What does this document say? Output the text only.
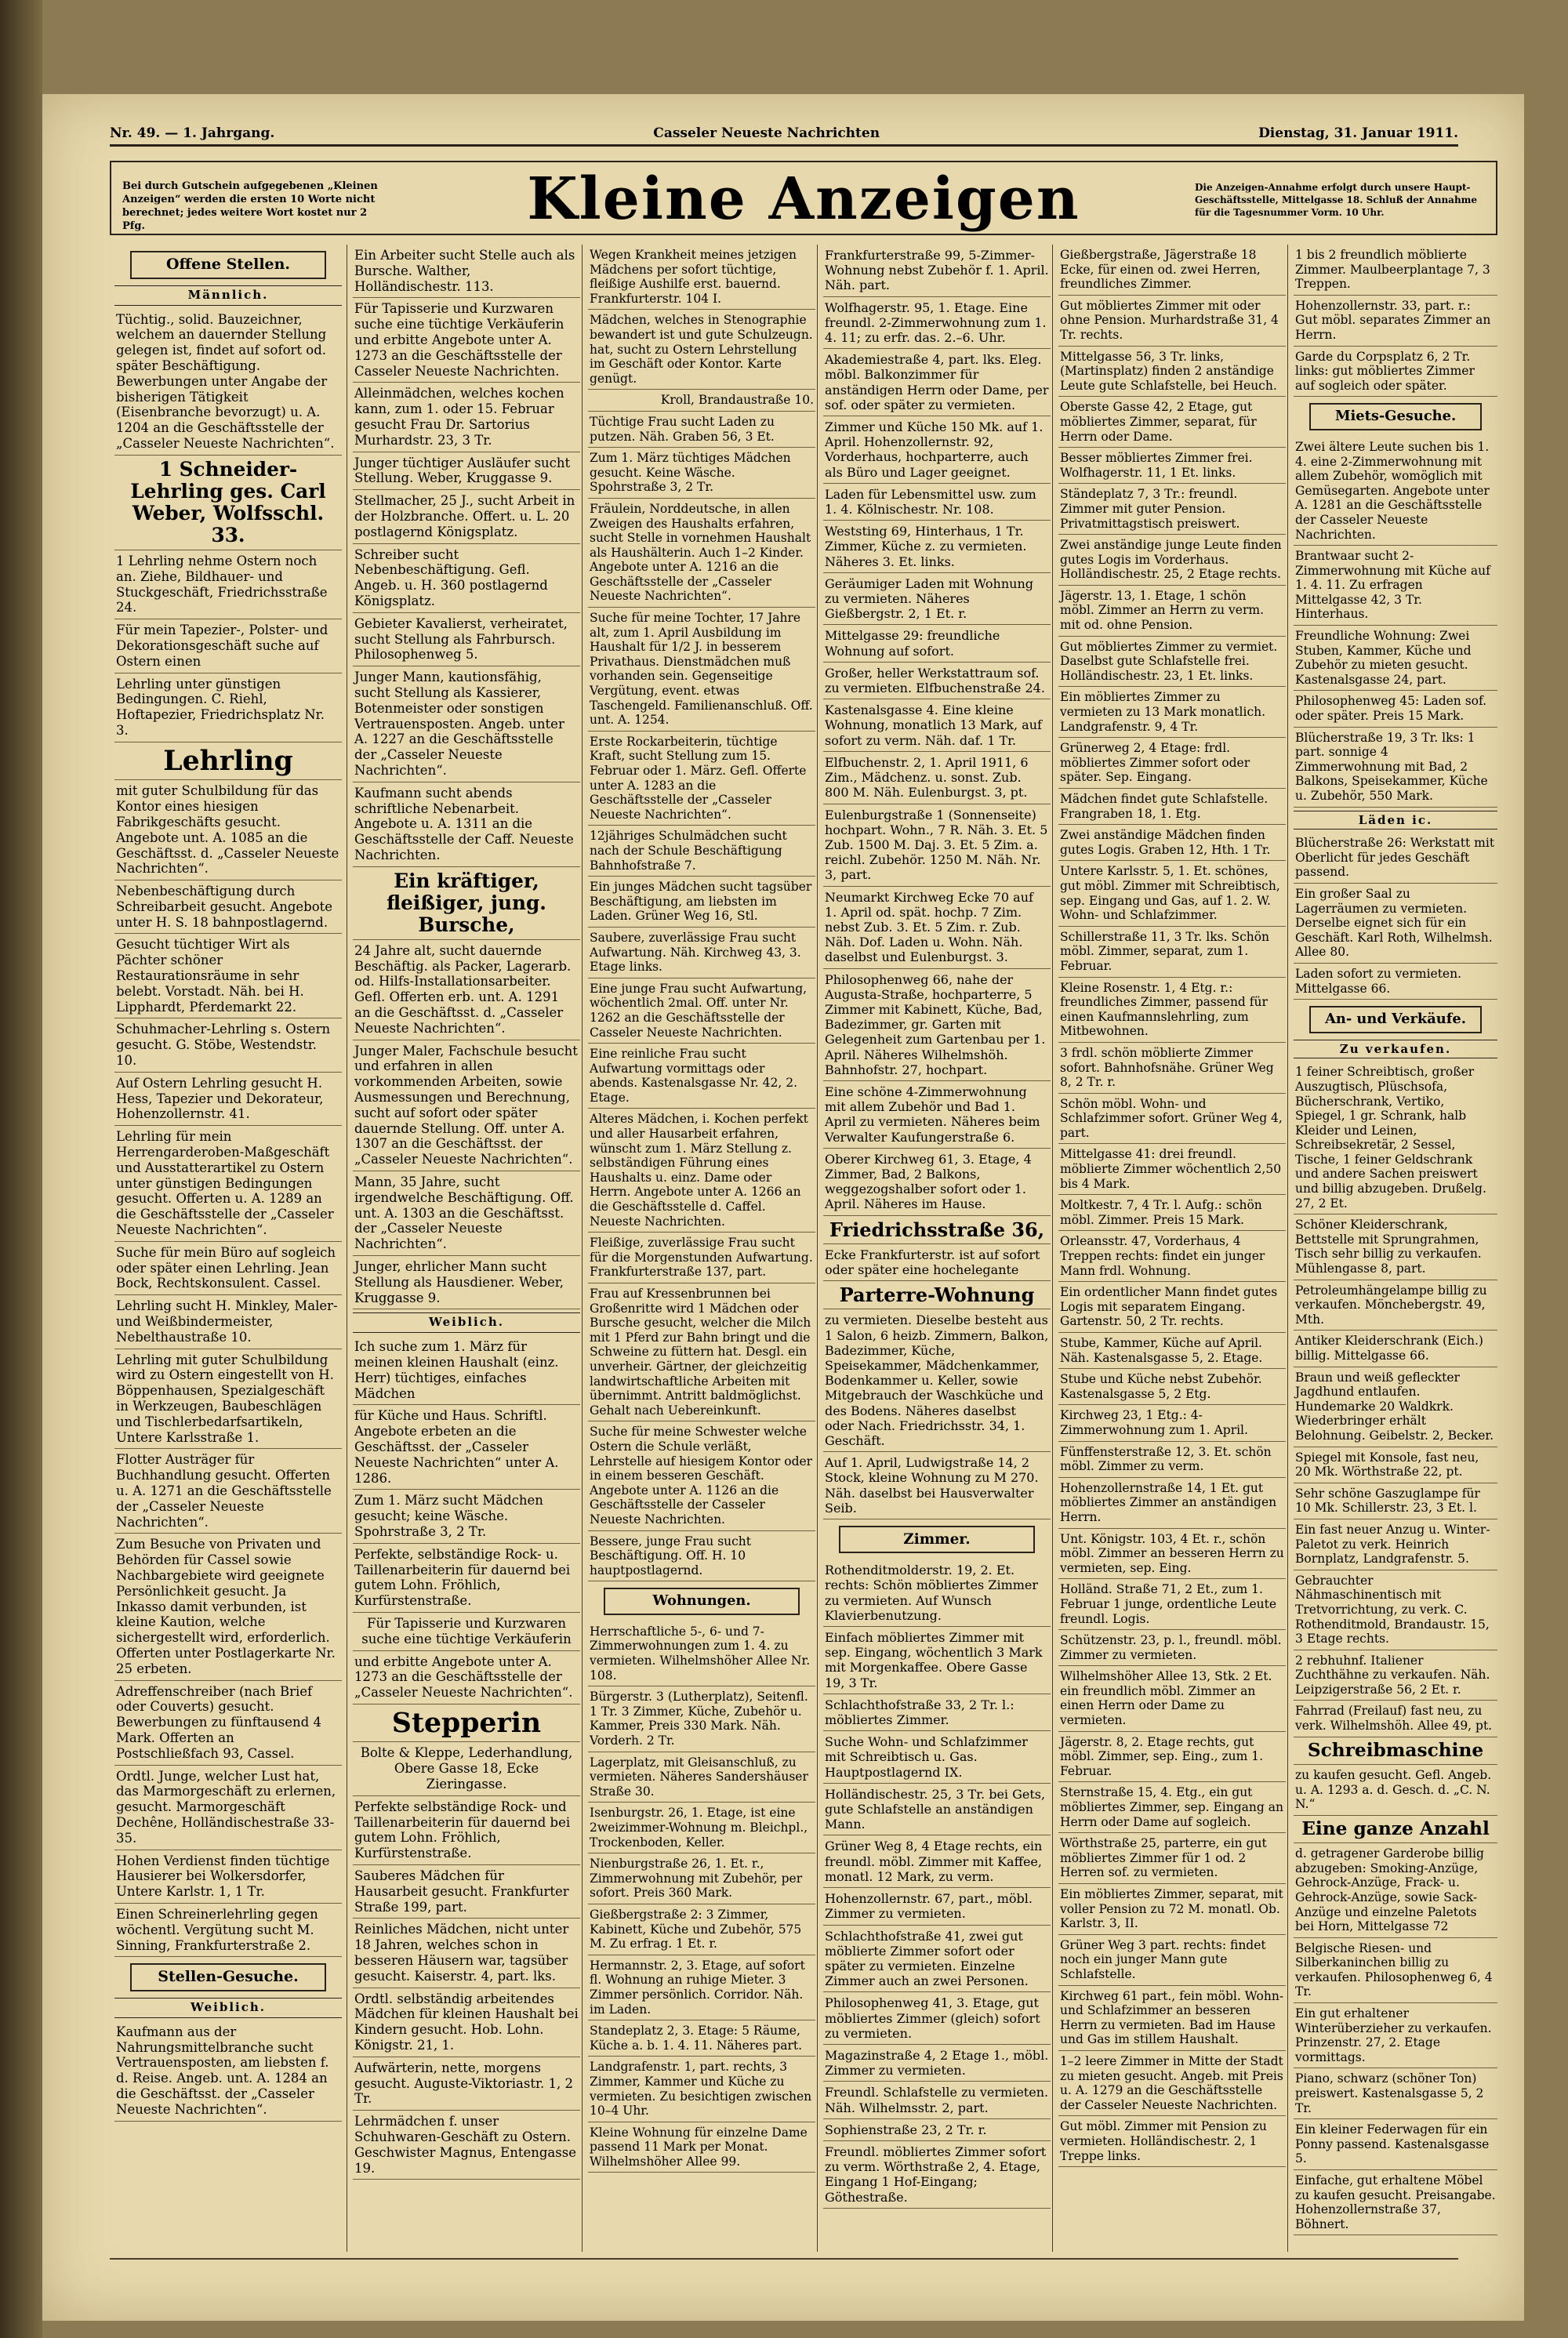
Nr. 49. — 1. Jahrgang.	Casseler Neueste Nachrichten	Dienstag, 31. Januar 1911.
Bei durch Gutschein aufgegebenen „Kleinen Anzeigen“ werden die ersten 10 Worte nicht berechnet; jedes weitere Wort kostet nur 2 Pfg.	Kleine Anzeigen	Die Anzeigen-Annahme erfolgt durch unsere Haupt-Geschäftsstelle, Mittelgasse 18. Schluß der Annahme für die Tagesnummer Vorm. 10 Uhr.
Offene Stellen.
Männlich.
Tüchtig., solid. Bauzeichner, welchem an dauernder Stellung gelegen ist, findet auf sofort od. später Beschäftigung. Bewerbungen unter Angabe der bisherigen Tätigkeit (Eisenbranche bevorzugt) u. A. 1204 an die Geschäftsstelle der „Casseler Neueste Nachrichten“.
1 Schneider-Lehrling ges. Carl Weber, Wolfsschl. 33.
1 Lehrling nehme Ostern noch an. Ziehe, Bildhauer- und Stuckgeschäft, Friedrichsstraße 24.
Für mein Tapezier-, Polster- und Dekorationsgeschäft suche auf Ostern einen
Lehrling unter günstigen Bedingungen. C. Riehl, Hoftapezier, Friedrichsplatz Nr. 3.
Lehrling
mit guter Schulbildung für das Kontor eines hiesigen Fabrikgeschäfts gesucht. Angebote unt. A. 1085 an die Geschäftsst. d. „Casseler Neueste Nachrichten“.
Nebenbeschäftigung durch Schreibarbeit gesucht. Angebote unter H. S. 18 bahnpostlagernd.
Gesucht tüchtiger Wirt als Pächter schöner Restaurationsräume in sehr belebt. Vorstadt. Näh. bei H. Lipphardt, Pferdemarkt 22.
Schuhmacher-Lehrling s. Ostern gesucht. G. Stöbe, Westendstr. 10.
Auf Ostern Lehrling gesucht H. Hess, Tapezier und Dekorateur, Hohenzollernstr. 41.
Lehrling für mein Herrengarderoben-Maßgeschäft und Ausstatterartikel zu Ostern unter günstigen Bedingungen gesucht. Offerten u. A. 1289 an die Geschäftsstelle der „Casseler Neueste Nachrichten“.
Suche für mein Büro auf sogleich oder später einen Lehrling. Jean Bock, Rechtskonsulent. Cassel.
Lehrling sucht H. Minkley, Maler- und Weißbindermeister, Nebelthaustraße 10.
Lehrling mit guter Schulbildung wird zu Ostern eingestellt von H. Böppenhausen, Spezialgeschäft in Werkzeugen, Baubeschlägen und Tischlerbedarfsartikeln, Untere Karlsstraße 1.
Flotter Austräger für Buchhandlung gesucht. Offerten u. A. 1271 an die Geschäftsstelle der „Casseler Neueste Nachrichten“.
Zum Besuche von Privaten und Behörden für Cassel sowie Nachbargebiete wird geeignete Persönlichkeit gesucht. Ja Inkasso damit verbunden, ist kleine Kaution, welche sichergestellt wird, erforderlich. Offerten unter Postlagerkarte Nr. 25 erbeten.
Adreffenschreiber (nach Brief oder Couverts) gesucht. Bewerbungen zu fünftausend 4 Mark. Offerten an Postschließfach 93, Cassel.
Ordtl. Junge, welcher Lust hat, das Marmorgeschäft zu erlernen, gesucht. Marmorgeschäft Dechêne, Holländischestraße 33-35.
Hohen Verdienst finden tüchtige Hausierer bei Wolkersdorfer, Untere Karlstr. 1, 1 Tr.
Einen Schreinerlehrling gegen wöchentl. Vergütung sucht M. Sinning, Frankfurterstraße 2.
Stellen-Gesuche.
Weiblich.
Kaufmann aus der Nahrungsmittelbranche sucht Vertrauensposten, am liebsten f. d. Reise. Angeb. unt. A. 1284 an die Geschäftsst. der „Casseler Neueste Nachrichten“.
Ein Arbeiter sucht Stelle auch als Bursche. Walther, Holländischestr. 113.
Für Tapisserie und Kurzwaren suche eine tüchtige Verkäuferin und erbitte Angebote unter A. 1273 an die Geschäftsstelle der Casseler Neueste Nachrichten.
Alleinmädchen, welches kochen kann, zum 1. oder 15. Februar gesucht Frau Dr. Sartorius Murhardstr. 23, 3 Tr.
Junger tüchtiger Ausläufer sucht Stellung. Weber, Kruggasse 9.
Stellmacher, 25 J., sucht Arbeit in der Holzbranche. Offert. u. L. 20 postlagernd Königsplatz.
Schreiber sucht Nebenbeschäftigung. Gefl. Angeb. u. H. 360 postlagernd Königsplatz.
Gebieter Kavalierst, verheiratet, sucht Stellung als Fahrbursch. Philosophenweg 5.
Junger Mann, kautionsfähig, sucht Stellung als Kassierer, Botenmeister oder sonstigen Vertrauensposten. Angeb. unter A. 1227 an die Geschäftsstelle der „Casseler Neueste Nachrichten“.
Kaufmann sucht abends schriftliche Nebenarbeit. Angebote u. A. 1311 an die Geschäftsstelle der Caff. Neueste Nachrichten.
Ein kräftiger, fleißiger, jung. Bursche,
24 Jahre alt, sucht dauernde Beschäftig. als Packer, Lagerarb. od. Hilfs-Installationsarbeiter. Gefl. Offerten erb. unt. A. 1291 an die Geschäftsst. d. „Casseler Neueste Nachrichten“.
Junger Maler, Fachschule besucht und erfahren in allen vorkommenden Arbeiten, sowie Ausmessungen und Berechnung, sucht auf sofort oder später dauernde Stellung. Off. unter A. 1307 an die Geschäftsst. der „Casseler Neueste Nachrichten“.
Mann, 35 Jahre, sucht irgendwelche Beschäftigung. Off. unt. A. 1303 an die Geschäftsst. der „Casseler Neueste Nachrichten“.
Junger, ehrlicher Mann sucht Stellung als Hausdiener. Weber, Kruggasse 9.
Weiblich.
Ich suche zum 1. März für meinen kleinen Haushalt (einz. Herr) tüchtiges, einfaches Mädchen
für Küche und Haus. Schriftl. Angebote erbeten an die Geschäftsst. der „Casseler Neueste Nachrichten“ unter A. 1286.
Zum 1. März sucht Mädchen gesucht; keine Wäsche. Spohrstraße 3, 2 Tr.
Perfekte, selbständige Rock- u. Taillenarbeiterin für dauernd bei gutem Lohn. Fröhlich, Kurfürstenstraße.
Für Tapisserie und Kurzwaren suche eine tüchtige Verkäuferin
und erbitte Angebote unter A. 1273 an die Geschäftsstelle der „Casseler Neueste Nachrichten“.
Stepperin
Bolte & Kleppe, Lederhandlung, Obere Gasse 18, Ecke Zieringasse.
Perfekte selbständige Rock- und Taillenarbeiterin für dauernd bei gutem Lohn. Fröhlich, Kurfürstenstraße.
Sauberes Mädchen für Hausarbeit gesucht. Frankfurter Straße 199, part.
Reinliches Mädchen, nicht unter 18 Jahren, welches schon in besseren Häusern war, tagsüber gesucht. Kaiserstr. 4, part. lks.
Ordtl. selbständig arbeitendes Mädchen für kleinen Haushalt bei Kindern gesucht. Hob. Lohn. Königstr. 21, 1.
Aufwärterin, nette, morgens gesucht. Auguste-Viktoriastr. 1, 2 Tr.
Lehrmädchen f. unser Schuhwaren-Geschäft zu Ostern. Geschwister Magnus, Entengasse 19.
Wegen Krankheit meines jetzigen Mädchens per sofort tüchtige, fleißige Aushilfe erst. bauernd. Frankfurterstr. 104 I.
Mädchen, welches in Stenographie bewandert ist und gute Schulzeugn. hat, sucht zu Ostern Lehrstellung im Geschäft oder Kontor. Karte genügt.
Kroll, Brandaustraße 10.
Tüchtige Frau sucht Laden zu putzen. Näh. Graben 56, 3 Et.
Zum 1. März tüchtiges Mädchen gesucht. Keine Wäsche. Spohrstraße 3, 2 Tr.
Fräulein, Norddeutsche, in allen Zweigen des Haushalts erfahren, sucht Stelle in vornehmen Haushalt als Haushälterin. Auch 1–2 Kinder. Angebote unter A. 1216 an die Geschäftsstelle der „Casseler Neueste Nachrichten“.
Suche für meine Tochter, 17 Jahre alt, zum 1. April Ausbildung im Haushalt für 1/2 J. in besserem Privathaus. Dienstmädchen muß vorhanden sein. Gegenseitige Vergütung, event. etwas Taschengeld. Familienanschluß. Off. unt. A. 1254.
Erste Rockarbeiterin, tüchtige Kraft, sucht Stellung zum 15. Februar oder 1. März. Gefl. Offerte unter A. 1283 an die Geschäftsstelle der „Casseler Neueste Nachrichten“.
12jähriges Schulmädchen sucht nach der Schule Beschäftigung Bahnhofstraße 7.
Ein junges Mädchen sucht tagsüber Beschäftigung, am liebsten im Laden. Grüner Weg 16, Stl.
Saubere, zuverlässige Frau sucht Aufwartung. Näh. Kirchweg 43, 3. Etage links.
Eine junge Frau sucht Aufwartung, wöchentlich 2mal. Off. unter Nr. 1262 an die Geschäftsstelle der Casseler Neueste Nachrichten.
Eine reinliche Frau sucht Aufwartung vormittags oder abends. Kastenalsgasse Nr. 42, 2. Etage.
Alteres Mädchen, i. Kochen perfekt und aller Hausarbeit erfahren, wünscht zum 1. März Stellung z. selbständigen Führung eines Haushalts u. einz. Dame oder Herrn. Angebote unter A. 1266 an die Geschäftsstelle d. Caffel. Neueste Nachrichten.
Fleißige, zuverlässige Frau sucht für die Morgenstunden Aufwartung. Frankfurterstraße 137, part.
Frau auf Kressenbrunnen bei Großenritte wird 1 Mädchen oder Bursche gesucht, welcher die Milch mit 1 Pferd zur Bahn bringt und die Schweine zu füttern hat. Desgl. ein unverheir. Gärtner, der gleichzeitig landwirtschaftliche Arbeiten mit übernimmt. Antritt baldmöglichst. Gehalt nach Uebereinkunft.
Suche für meine Schwester welche Ostern die Schule verläßt, Lehrstelle auf hiesigem Kontor oder in einem besseren Geschäft. Angebote unter A. 1126 an die Geschäftsstelle der Casseler Neueste Nachrichten.
Bessere, junge Frau sucht Beschäftigung. Off. H. 10 hauptpostlagernd.
Wohnungen.
Herrschaftliche 5-, 6- und 7-Zimmerwohnungen zum 1. 4. zu vermieten. Wilhelmshöher Allee Nr. 108.
Bürgerstr. 3 (Lutherplatz), Seitenfl. 1 Tr. 3 Zimmer, Küche, Zubehör u. Kammer, Preis 330 Mark. Näh. Vorderh. 2 Tr.
Lagerplatz, mit Gleisanschluß, zu vermieten. Näheres Sandershäuser Straße 30.
Isenburgstr. 26, 1. Etage, ist eine 2weizimmer-Wohnung m. Bleichpl., Trockenboden, Keller.
Nienburgstraße 26, 1. Et. r., Zimmerwohnung mit Zubehör, per sofort. Preis 360 Mark.
Gießbergstraße 2: 3 Zimmer, Kabinett, Küche und Zubehör, 575 M. Zu erfrag. 1 Et. r.
Hermannstr. 2, 3. Etage, auf sofort fl. Wohnung an ruhige Mieter. 3 Zimmer persönlich. Corridor. Näh. im Laden.
Standeplatz 2, 3. Etage: 5 Räume, Küche a. b. 1. 4. 11. Näheres part.
Landgrafenstr. 1, part. rechts, 3 Zimmer, Kammer und Küche zu vermieten. Zu besichtigen zwischen 10–4 Uhr.
Kleine Wohnung für einzelne Dame passend 11 Mark per Monat. Wilhelmshöher Allee 99.
Frankfurterstraße 99, 5-Zimmer-Wohnung nebst Zubehör f. 1. April. Näh. part.
Wolfhagerstr. 95, 1. Etage. Eine freundl. 2-Zimmerwohnung zum 1. 4. 11; zu erfr. das. 2.–6. Uhr.
Akademiestraße 4, part. lks. Eleg. möbl. Balkonzimmer für anständigen Herrn oder Dame, per sof. oder später zu vermieten.
Zimmer und Küche 150 Mk. auf 1. April. Hohenzollernstr. 92, Vorderhaus, hochparterre, auch als Büro und Lager geeignet.
Laden für Lebensmittel usw. zum 1. 4. Kölnischestr. Nr. 108.
Weststing 69, Hinterhaus, 1 Tr. Zimmer, Küche z. zu vermieten. Näheres 3. Et. links.
Geräumiger Laden mit Wohnung zu vermieten. Näheres Gießbergstr. 2, 1 Et. r.
Mittelgasse 29: freundliche Wohnung auf sofort.
Großer, heller Werkstattraum sof. zu vermieten. Elfbuchenstraße 24.
Kastenalsgasse 4. Eine kleine Wohnung, monatlich 13 Mark, auf sofort zu verm. Näh. daf. 1 Tr.
Elfbuchenstr. 2, 1. April 1911, 6 Zim., Mädchenz. u. sonst. Zub. 800 M. Näh. Eulenburgst. 3, pt.
Eulenburgstraße 1 (Sonnenseite) hochpart. Wohn., 7 R. Näh. 3. Et. 5 Zub. 1500 M. Daj. 3. Et. 5 Zim. a. reichl. Zubehör. 1250 M. Näh. Nr. 3, part.
Neumarkt Kirchweg Ecke 70 auf 1. April od. spät. hochp. 7 Zim. nebst Zub. 3. Et. 5 Zim. r. Zub. Näh. Dof. Laden u. Wohn. Näh. daselbst und Eulenburgst. 3.
Philosophenweg 66, nahe der Augusta-Straße, hochparterre, 5 Zimmer mit Kabinett, Küche, Bad, Badezimmer, gr. Garten mit Gelegenheit zum Gartenbau per 1. April. Näheres Wilhelmshöh. Bahnhofstr. 27, hochpart.
Eine schöne 4-Zimmerwohnung mit allem Zubehör und Bad 1. April zu vermieten. Näheres beim Verwalter Kaufungerstraße 6.
Oberer Kirchweg 61, 3. Etage, 4 Zimmer, Bad, 2 Balkons, weggezogshalber sofort oder 1. April. Näheres im Hause.
Friedrichsstraße 36,
Ecke Frankfurterstr. ist auf sofort oder später eine hochelegante
Parterre-Wohnung
zu vermieten. Dieselbe besteht aus 1 Salon, 6 heizb. Zimmern, Balkon, Badezimmer, Küche, Speisekammer, Mädchenkammer, Bodenkammer u. Keller, sowie Mitgebrauch der Waschküche und des Bodens. Näheres daselbst oder Nach. Friedrichsstr. 34, 1. Geschäft.
Auf 1. April, Ludwigstraße 14, 2 Stock, kleine Wohnung zu M 270. Näh. daselbst bei Hausverwalter Seib.
Zimmer.
Rothenditmolderstr. 19, 2. Et. rechts: Schön möbliertes Zimmer zu vermieten. Auf Wunsch Klavierbenutzung.
Einfach möbliertes Zimmer mit sep. Eingang, wöchentlich 3 Mark mit Morgenkaffee. Obere Gasse 19, 3 Tr.
Schlachthofstraße 33, 2 Tr. l.: möbliertes Zimmer.
Suche Wohn- und Schlafzimmer mit Schreibtisch u. Gas. Hauptpostlagernd IX.
Holländischestr. 25, 3 Tr. bei Gets, gute Schlafstelle an anständigen Mann.
Grüner Weg 8, 4 Etage rechts, ein freundl. möbl. Zimmer mit Kaffee, monatl. 12 Mark, zu verm.
Hohenzollernstr. 67, part., möbl. Zimmer zu vermieten.
Schlachthofstraße 41, zwei gut möblierte Zimmer sofort oder später zu vermieten. Einzelne Zimmer auch an zwei Personen.
Philosophenweg 41, 3. Etage, gut möbliertes Zimmer (gleich) sofort zu vermieten.
Magazinstraße 4, 2 Etage 1., möbl. Zimmer zu vermieten.
Freundl. Schlafstelle zu vermieten. Näh. Wilhelmsstr. 2, part.
Sophienstraße 23, 2 Tr. r.
Freundl. möbliertes Zimmer sofort zu verm. Wörthstraße 2, 4. Etage, Eingang 1 Hof-Eingang; Göthestraße.
Gießbergstraße, Jägerstraße 18 Ecke, für einen od. zwei Herren, freundliches Zimmer.
Gut möbliertes Zimmer mit oder ohne Pension. Murhardstraße 31, 4 Tr. rechts.
Mittelgasse 56, 3 Tr. links, (Martinsplatz) finden 2 anständige Leute gute Schlafstelle, bei Heuch.
Oberste Gasse 42, 2 Etage, gut möbliertes Zimmer, separat, für Herrn oder Dame.
Besser möbliertes Zimmer frei. Wolfhagerstr. 11, 1 Et. links.
Ständeplatz 7, 3 Tr.: freundl. Zimmer mit guter Pension. Privatmittagstisch preiswert.
Zwei anständige junge Leute finden gutes Logis im Vorderhaus. Holländischestr. 25, 2 Etage rechts.
Jägerstr. 13, 1. Etage, 1 schön möbl. Zimmer an Herrn zu verm. mit od. ohne Pension.
Gut möbliertes Zimmer zu vermiet. Daselbst gute Schlafstelle frei. Holländischestr. 23, 1 Et. links.
Ein möbliertes Zimmer zu vermieten zu 13 Mark monatlich. Landgrafenstr. 9, 4 Tr.
Grünerweg 2, 4 Etage: frdl. möbliertes Zimmer sofort oder später. Sep. Eingang.
Mädchen findet gute Schlafstelle. Frangraben 18, 1. Etg.
Zwei anständige Mädchen finden gutes Logis. Graben 12, Hth. 1 Tr.
Untere Karlsstr. 5, 1. Et. schönes, gut möbl. Zimmer mit Schreibtisch, sep. Eingang und Gas, auf 1. 2. W. Wohn- und Schlafzimmer.
Schillerstraße 11, 3 Tr. lks. Schön möbl. Zimmer, separat, zum 1. Februar.
Kleine Rosenstr. 1, 4 Etg. r.: freundliches Zimmer, passend für einen Kaufmannslehrling, zum Mitbewohnen.
3 frdl. schön möblierte Zimmer sofort. Bahnhofsnähe. Grüner Weg 8, 2 Tr. r.
Schön möbl. Wohn- und Schlafzimmer sofort. Grüner Weg 4, part.
Mittelgasse 41: drei freundl. möblierte Zimmer wöchentlich 2,50 bis 4 Mark.
Moltkestr. 7, 4 Tr. l. Aufg.: schön möbl. Zimmer. Preis 15 Mark.
Orleansstr. 47, Vorderhaus, 4 Treppen rechts: findet ein junger Mann frdl. Wohnung.
Ein ordentlicher Mann findet gutes Logis mit separatem Eingang. Gartenstr. 50, 2 Tr. rechts.
Stube, Kammer, Küche auf April. Näh. Kastenalsgasse 5, 2. Etage.
Stube und Küche nebst Zubehör. Kastenalsgasse 5, 2 Etg.
Kirchweg 23, 1 Etg.: 4-Zimmerwohnung zum 1. April.
Fünffensterstraße 12, 3. Et. schön möbl. Zimmer zu verm.
Hohenzollernstraße 14, 1 Et. gut möbliertes Zimmer an anständigen Herrn.
Unt. Königstr. 103, 4 Et. r., schön möbl. Zimmer an besseren Herrn zu vermieten, sep. Eing.
Holländ. Straße 71, 2 Et., zum 1. Februar 1 junge, ordentliche Leute freundl. Logis.
Schützenstr. 23, p. l., freundl. möbl. Zimmer zu vermieten.
Wilhelmshöher Allee 13, Stk. 2 Et. ein freundlich möbl. Zimmer an einen Herrn oder Dame zu vermieten.
Jägerstr. 8, 2. Etage rechts, gut möbl. Zimmer, sep. Eing., zum 1. Februar.
Sternstraße 15, 4. Etg., ein gut möbliertes Zimmer, sep. Eingang an Herrn oder Dame auf sogleich.
Wörthstraße 25, parterre, ein gut möbliertes Zimmer für 1 od. 2 Herren sof. zu vermieten.
Ein möbliertes Zimmer, separat, mit voller Pension zu 72 M. monatl. Ob. Karlstr. 3, II.
Grüner Weg 3 part. rechts: findet noch ein junger Mann gute Schlafstelle.
Kirchweg 61 part., fein möbl. Wohn- und Schlafzimmer an besseren Herrn zu vermieten. Bad im Hause und Gas im stillem Haushalt.
1–2 leere Zimmer in Mitte der Stadt zu mieten gesucht. Angeb. mit Preis u. A. 1279 an die Geschäftsstelle der Casseler Neueste Nachrichten.
Gut möbl. Zimmer mit Pension zu vermieten. Holländischestr. 2, 1 Treppe links.
1 bis 2 freundlich möblierte Zimmer. Maulbeerplantage 7, 3 Treppen.
Hohenzollernstr. 33, part. r.: Gut möbl. separates Zimmer an Herrn.
Garde du Corpsplatz 6, 2 Tr. links: gut möbliertes Zimmer auf sogleich oder später.
Miets-Gesuche.
Zwei ältere Leute suchen bis 1. 4. eine 2-Zimmerwohnung mit allem Zubehör, womöglich mit Gemüsegarten. Angebote unter A. 1281 an die Geschäftsstelle der Casseler Neueste Nachrichten.
Brantwaar sucht 2-Zimmerwohnung mit Küche auf 1. 4. 11. Zu erfragen Mittelgasse 42, 3 Tr. Hinterhaus.
Freundliche Wohnung: Zwei Stuben, Kammer, Küche und Zubehör zu mieten gesucht. Kastenalsgasse 24, part.
Philosophenweg 45: Laden sof. oder später. Preis 15 Mark.
Blücherstraße 19, 3 Tr. lks: 1 part. sonnige 4 Zimmerwohnung mit Bad, 2 Balkons, Speisekammer, Küche u. Zubehör, 550 Mark.
Läden ic.
Blücherstraße 26: Werkstatt mit Oberlicht für jedes Geschäft passend.
Ein großer Saal zu Lagerräumen zu vermieten. Derselbe eignet sich für ein Geschäft. Karl Roth, Wilhelmsh. Allee 80.
Laden sofort zu vermieten. Mittelgasse 66.
An- und Verkäufe.
Zu verkaufen.
1 feiner Schreibtisch, großer Auszugtisch, Plüschsofa, Bücherschrank, Vertiko, Spiegel, 1 gr. Schrank, halb Kleider und Leinen, Schreibsekretär, 2 Sessel, Tische, 1 feiner Geldschrank und andere Sachen preiswert und billig abzugeben. Drußelg. 27, 2 Et.
Schöner Kleiderschrank, Bettstelle mit Sprungrahmen, Tisch sehr billig zu verkaufen. Mühlengasse 8, part.
Petroleumhängelampe billig zu verkaufen. Mönchebergstr. 49, Mth.
Antiker Kleiderschrank (Eich.) billig. Mittelgasse 66.
Braun und weiß gefleckter Jagdhund entlaufen. Hundemarke 20 Waldkrk. Wiederbringer erhält Belohnung. Geibelstr. 2, Becker.
Spiegel mit Konsole, fast neu, 20 Mk. Wörthstraße 22, pt.
Sehr schöne Gaszuglampe für 10 Mk. Schillerstr. 23, 3 Et. l.
Ein fast neuer Anzug u. Winter-Paletot zu verk. Heinrich Bornplatz, Landgrafenstr. 5.
Gebrauchter Nähmaschinentisch mit Tretvorrichtung, zu verk. C. Rothenditmold, Brandaustr. 15, 3 Etage rechts.
2 rebhuhnf. Italiener Zuchthähne zu verkaufen. Näh. Leipzigerstraße 56, 2 Et. r.
Fahrrad (Freilauf) fast neu, zu verk. Wilhelmshöh. Allee 49, pt.
Schreibmaschine
zu kaufen gesucht. Gefl. Angeb. u. A. 1293 a. d. Gesch. d. „C. N. N.“
Eine ganze Anzahl
d. getragener Garderobe billig abzugeben: Smoking-Anzüge, Gehrock-Anzüge, Frack- u. Gehrock-Anzüge, sowie Sack-Anzüge und einzelne Paletots bei Horn, Mittelgasse 72
Belgische Riesen- und Silberkaninchen billig zu verkaufen. Philosophenweg 6, 4 Tr.
Ein gut erhaltener Winterüberzieher zu verkaufen. Prinzenstr. 27, 2. Etage vormittags.
Piano, schwarz (schöner Ton) preiswert. Kastenalsgasse 5, 2 Tr.
Ein kleiner Federwagen für ein Ponny passend. Kastenalsgasse 5.
Einfache, gut erhaltene Möbel zu kaufen gesucht. Preisangabe. Hohenzollernstraße 37, Böhnert.
